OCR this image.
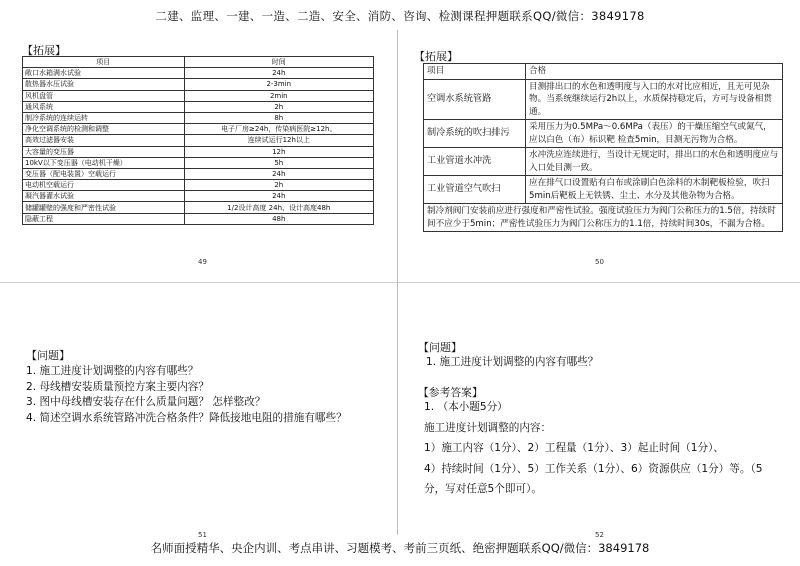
二建、监理、一建、一造、二造、安全、消防、咨询、检测课程押题联系QQ/微信：3849178
【拓展】
项目	时间
敞口水箱满水试验	24h
散热器水压试验	2-3min
风机盘管	2min
通风系统	2h
制冷系统的连续运转	8h
净化空调系统的检测和调整	电子厂房≥24h，传染病医院≥12h。
高效过滤器安装	连续试运行12h以上
大容量的变压器	12h
10kV以下变压器（电动机干燥）	5h
变压器（配电装置）空载运行	24h
电动机空载运行	2h
凝汽器灌水试验	24h
储罐罐壁的强度和严密性试验	1/2设计高度 24h、设计高度48h
隐蔽工程	48h
49
【拓展】
项目	合格
空调水系统管路	目测排出口的水色和透明度与入口的水对比应相近，且无可见杂物。当系统继续运行2h以上，水质保持稳定后，方可与设备相贯通。
制冷系统的吹扫排污	采用压力为0.5MPa～0.6MPa（表压）的干燥压缩空气或氮气，应以白色（布）标识靶 检查5min，目测无污物为合格。
工业管道水冲洗	水冲洗应连续进行，当设计无规定时，排出口的水色和透明度应与入口处目测一致。
工业管道空气吹扫	应在排气口设置贴有白布或涂刷白色涂料的木制靶板检验，吹扫5min后靶板上无铁锈、尘土、水分及其他杂物为合格。
制冷剂阀门安装前应进行强度和严密性试验。强度试验压力为阀门公称压力的1.5倍，持续时间不应少于5min；严密性试验压力为阀门公称压力的1.1倍，持续时间30s，不漏为合格。	
50
【问题】
1. 施工进度计划调整的内容有哪些？
2. 母线槽安装质量预控方案主要内容？
3. 图中母线槽安装存在什么质量问题？ 怎样整改？
4. 简述空调水系统管路冲洗合格条件？降低接地电阻的措施有哪些？
51
【问题】
1. 施工进度计划调整的内容有哪些？
【参考答案】
1. （本小题5分）
施工进度计划调整的内容：
1）施工内容（1分）、2）工程量（1分）、3）起止时间（1分）、
4）持续时间（1分）、5）工作关系（1分）、6）资源供应（1分）等。（5
分，写对任意5个即可）。
52
名师面授精华、央企内训、考点串讲、习题模考、考前三页纸、绝密押题联系QQ/微信：3849178
